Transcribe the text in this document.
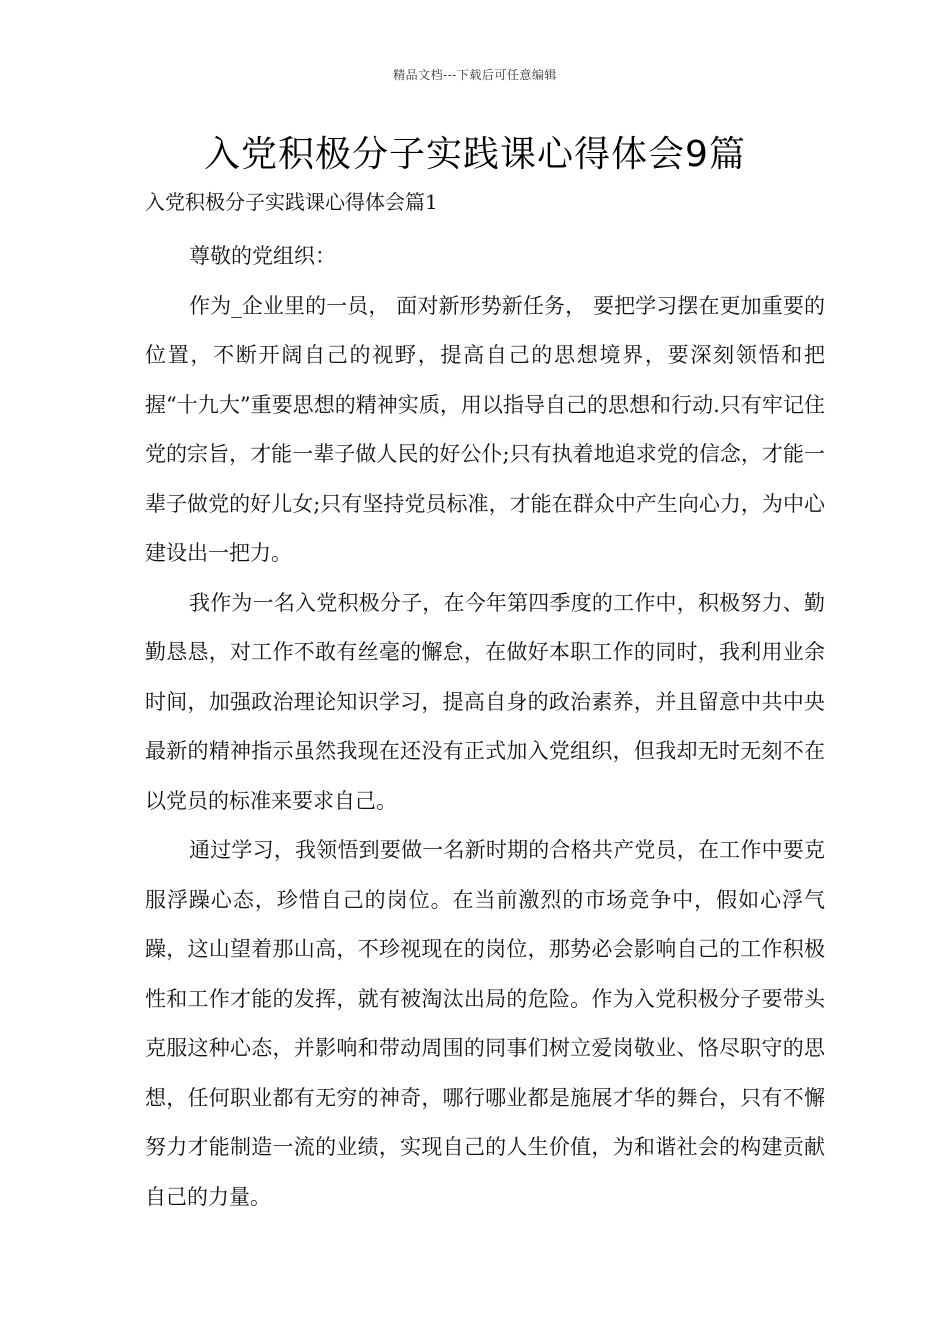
精品文档---下载后可任意编辑
入党积极分子实践课心得体会9篇
入党积极分子实践课心得体会篇1

尊敬的党组织：

作为_企业里的一员， 面对新形势新任务， 要把学习摆在更加重要的位置，不断开阔自己的视野，提高自己的思想境界，要深刻领悟和把握“十九大”重要思想的精神实质，用以指导自己的思想和行动.只有牢记住党的宗旨，才能一辈子做人民的好公仆;只有执着地追求党的信念，才能一辈子做党的好儿女;只有坚持党员标准，才能在群众中产生向心力，为中心建设出一把力。

我作为一名入党积极分子，在今年第四季度的工作中，积极努力、勤勤恳恳，对工作不敢有丝毫的懈怠，在做好本职工作的同时，我利用业余时间，加强政治理论知识学习，提高自身的政治素养，并且留意中共中央最新的精神指示虽然我现在还没有正式加入党组织，但我却无时无刻不在以党员的标准来要求自己。

通过学习，我领悟到要做一名新时期的合格共产党员，在工作中要克服浮躁心态，珍惜自己的岗位。在当前激烈的市场竞争中，假如心浮气躁，这山望着那山高，不珍视现在的岗位，那势必会影响自己的工作积极性和工作才能的发挥，就有被淘汰出局的危险。作为入党积极分子要带头克服这种心态，并影响和带动周围的同事们树立爱岗敬业、恪尽职守的思想，任何职业都有无穷的神奇，哪行哪业都是施展才华的舞台，只有不懈努力才能制造一流的业绩，实现自己的人生价值，为和谐社会的构建贡献自己的力量。
